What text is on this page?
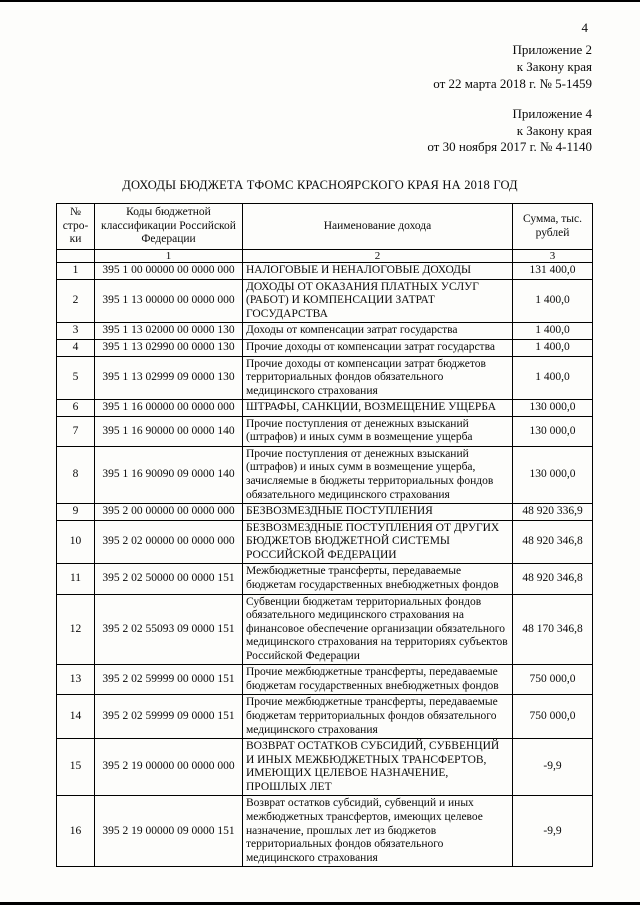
4
Приложение 2
к Закону края
от 22 марта 2018 г. № 5-1459
Приложение 4
к Закону края
от 30 ноября 2017 г. № 4-1140
ДОХОДЫ БЮДЖЕТА ТФОМС КРАСНОЯРСКОГО КРАЯ НА 2018 ГОД
№ стро-ки	Коды бюджетной классификации Российской Федерации	Наименование дохода	Сумма, тыс. рублей
	1	2	3
1	395 1 00 00000 00 0000 000	НАЛОГОВЫЕ И НЕНАЛОГОВЫЕ ДОХОДЫ	131 400,0
2	395 1 13 00000 00 0000 000	ДОХОДЫ ОТ ОКАЗАНИЯ ПЛАТНЫХ УСЛУГ (РАБОТ) И КОМПЕНСАЦИИ ЗАТРАТ ГОСУДАРСТВА	1 400,0
3	395 1 13 02000 00 0000 130	Доходы от компенсации затрат государства	1 400,0
4	395 1 13 02990 00 0000 130	Прочие доходы от компенсации затрат государства	1 400,0
5	395 1 13 02999 09 0000 130	Прочие доходы от компенсации затрат бюджетов территориальных фондов обязательного медицинского страхования	1 400,0
6	395 1 16 00000 00 0000 000	ШТРАФЫ, САНКЦИИ, ВОЗМЕЩЕНИЕ УЩЕРБА	130 000,0
7	395 1 16 90000 00 0000 140	Прочие поступления от денежных взысканий (штрафов) и иных сумм в возмещение ущерба	130 000,0
8	395 1 16 90090 09 0000 140	Прочие поступления от денежных взысканий (штрафов) и иных сумм в возмещение ущерба, зачисляемые в бюджеты территориальных фондов обязательного медицинского страхования	130 000,0
9	395 2 00 00000 00 0000 000	БЕЗВОЗМЕЗДНЫЕ ПОСТУПЛЕНИЯ	48 920 336,9
10	395 2 02 00000 00 0000 000	БЕЗВОЗМЕЗДНЫЕ ПОСТУПЛЕНИЯ ОТ ДРУГИХ БЮДЖЕТОВ БЮДЖЕТНОЙ СИСТЕМЫ РОССИЙСКОЙ ФЕДЕРАЦИИ	48 920 346,8
11	395 2 02 50000 00 0000 151	Межбюджетные трансферты, передаваемые бюджетам государственных внебюджетных фондов	48 920 346,8
12	395 2 02 55093 09 0000 151	Субвенции бюджетам территориальных фондов обязательного медицинского страхования на финансовое обеспечение организации обязательного медицинского страхования на территориях субъектов Российской Федерации	48 170 346,8
13	395 2 02 59999 00 0000 151	Прочие межбюджетные трансферты, передаваемые бюджетам государственных внебюджетных фондов	750 000,0
14	395 2 02 59999 09 0000 151	Прочие межбюджетные трансферты, передаваемые бюджетам территориальных фондов обязательного медицинского страхования	750 000,0
15	395 2 19 00000 00 0000 000	ВОЗВРАТ ОСТАТКОВ СУБСИДИЙ, СУБВЕНЦИЙ И ИНЫХ МЕЖБЮДЖЕТНЫХ ТРАНСФЕРТОВ, ИМЕЮЩИХ ЦЕЛЕВОЕ НАЗНАЧЕНИЕ, ПРОШЛЫХ ЛЕТ	-9,9
16	395 2 19 00000 09 0000 151	Возврат остатков субсидий, субвенций и иных межбюджетных трансфертов, имеющих целевое назначение, прошлых лет из бюджетов территориальных фондов обязательного медицинского страхования	-9,9
